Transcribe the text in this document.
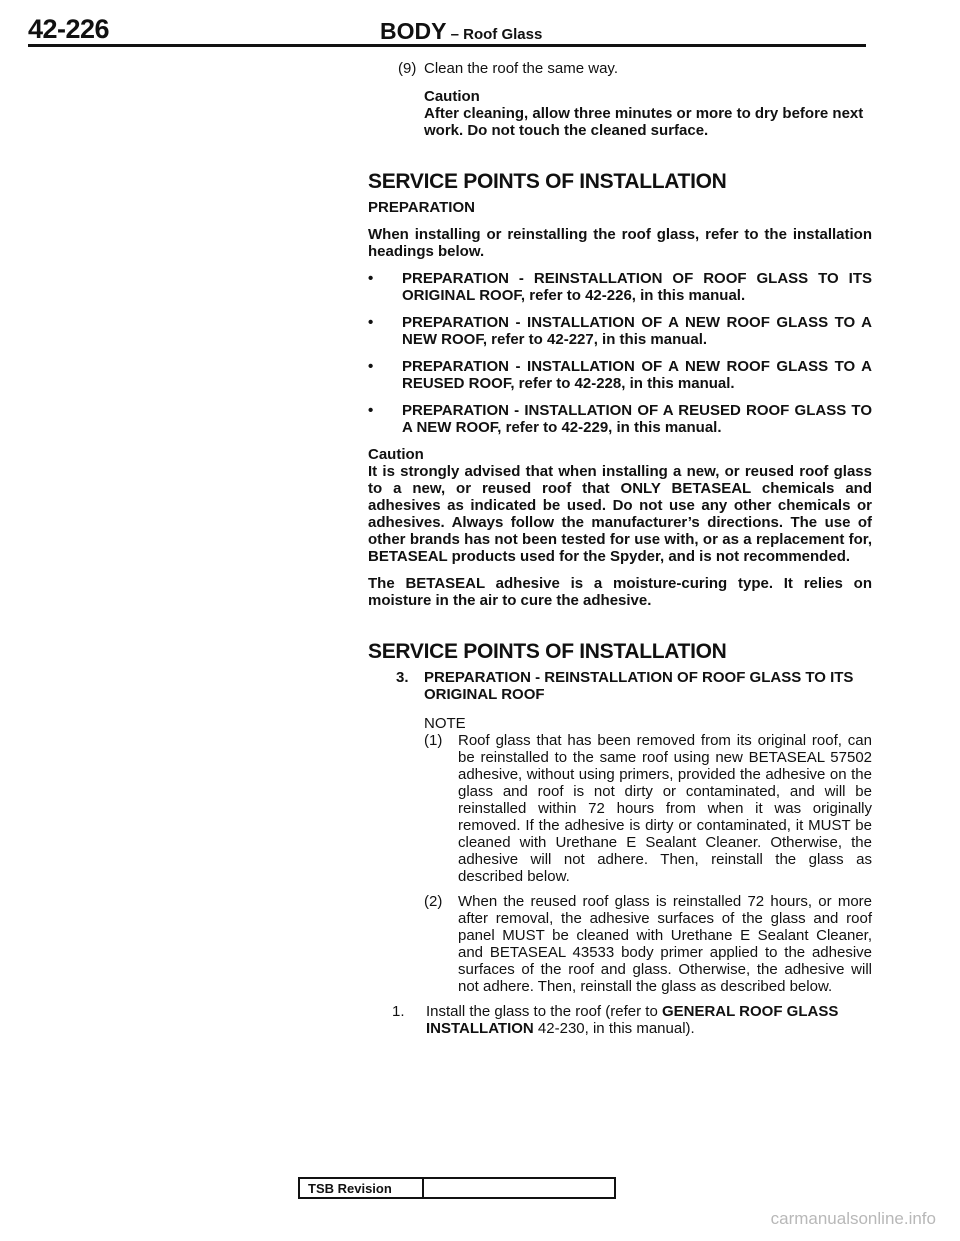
42-226	BODY – Roof Glass

(9) Clean the roof the same way.

Caution

After cleaning, allow three minutes or more to dry before next work. Do not touch the cleaned surface.

SERVICE POINTS OF INSTALLATION

PREPARATION

When installing or reinstalling the roof glass, refer to the installation headings below.

• PREPARATION - REINSTALLATION OF ROOF GLASS TO ITS ORIGINAL ROOF, refer to 42-226, in this manual.

• PREPARATION - INSTALLATION OF A NEW ROOF GLASS TO A NEW ROOF, refer to 42-227, in this manual.

• PREPARATION - INSTALLATION OF A NEW ROOF GLASS TO A REUSED ROOF, refer to 42-228, in this manual.

• PREPARATION - INSTALLATION OF A REUSED ROOF GLASS TO A NEW ROOF, refer to 42-229, in this manual.

Caution

It is strongly advised that when installing a new, or reused roof glass to a new, or reused roof that ONLY BETASEAL chemicals and adhesives as indicated be used. Do not use any other chemicals or adhesives. Always follow the manufacturer’s directions. The use of other brands has not been tested for use with, or as a replacement for, BETASEAL products used for the Spyder, and is not recommended.

The BETASEAL adhesive is a moisture-curing type. It relies on moisture in the air to cure the adhesive.

SERVICE POINTS OF INSTALLATION

3. PREPARATION - REINSTALLATION OF ROOF GLASS TO ITS ORIGINAL ROOF

NOTE

(1) Roof glass that has been removed from its original roof, can be reinstalled to the same roof using new BETASEAL 57502 adhesive, without using primers, provided the adhesive on the glass and roof is not dirty or contaminated, and will be reinstalled within 72 hours from when it was originally removed. If the adhesive is dirty or contaminated, it MUST be cleaned with Urethane E Sealant Cleaner. Otherwise, the adhesive will not adhere. Then, reinstall the glass as described below.

(2) When the reused roof glass is reinstalled 72 hours, or more after removal, the adhesive surfaces of the glass and roof panel MUST be cleaned with Urethane E Sealant Cleaner, and BETASEAL 43533 body primer applied to the adhesive surfaces of the roof and glass. Otherwise, the adhesive will not adhere. Then, reinstall the glass as described below.

1. Install the glass to the roof (refer to GENERAL ROOF GLASS INSTALLATION 42-230, in this manual).

TSB Revision
carmanualsonline.info
